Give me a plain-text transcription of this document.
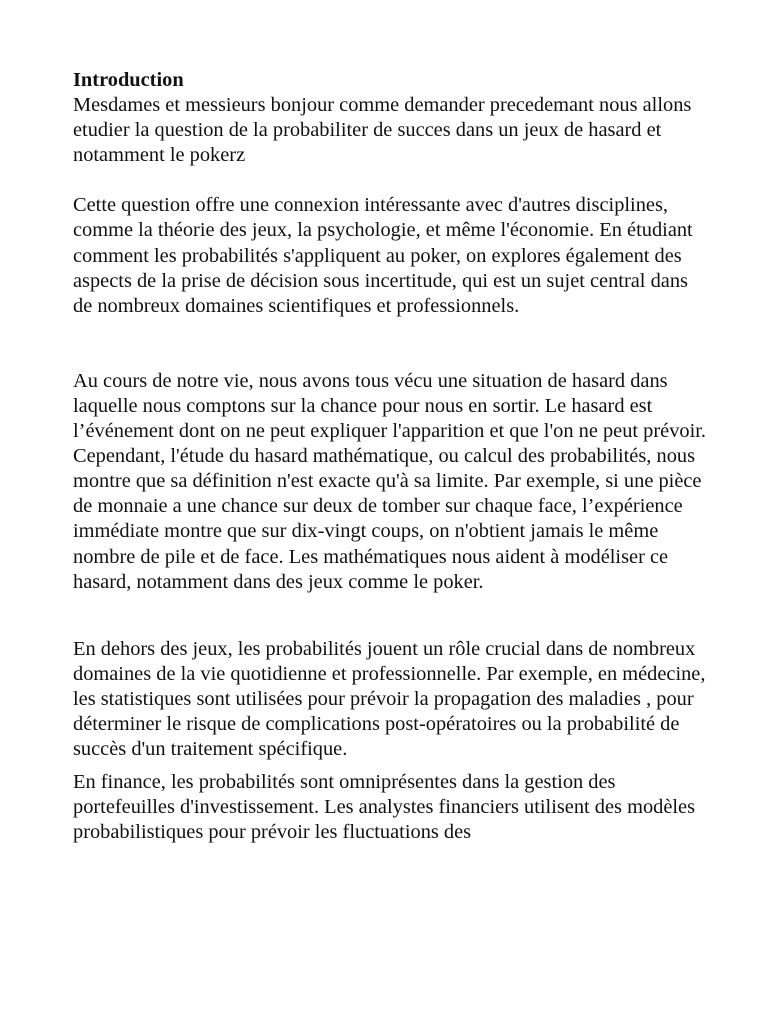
Introduction

Mesdames et messieurs bonjour comme demander precedemant nous allons etudier la question de la probabiliter de succes dans un jeux de hasard et notamment le pokerz

Cette question offre une connexion intéressante avec d'autres disciplines, comme la théorie des jeux, la psychologie, et même l'économie. En étudiant comment les probabilités s'appliquent au poker, on explores également des aspects de la prise de décision sous incertitude, qui est un sujet central dans de nombreux domaines scientifiques et professionnels.

Au cours de notre vie, nous avons tous vécu une situation de hasard dans laquelle nous comptons sur la chance pour nous en sortir. Le hasard est l’événement dont on ne peut expliquer l'apparition et que l'on ne peut prévoir. Cependant, l'étude du hasard mathématique, ou calcul des probabilités, nous montre que sa définition n'est exacte qu'à sa limite. Par exemple, si une pièce de monnaie a une chance sur deux de tomber sur chaque face, l’expérience immédiate montre que sur dix-vingt coups, on n'obtient jamais le même nombre de pile et de face. Les mathématiques nous aident à modéliser ce hasard, notamment dans des jeux comme le poker.

En dehors des jeux, les probabilités jouent un rôle crucial dans de nombreux domaines de la vie quotidienne et professionnelle. Par exemple, en médecine, les statistiques sont utilisées pour prévoir la propagation des maladies , pour déterminer le risque de complications post-opératoires ou la probabilité de succès d'un traitement spécifique.

En finance, les probabilités sont omniprésentes dans la gestion des portefeuilles d'investissement. Les analystes financiers utilisent des modèles probabilistiques pour prévoir les fluctuations des
